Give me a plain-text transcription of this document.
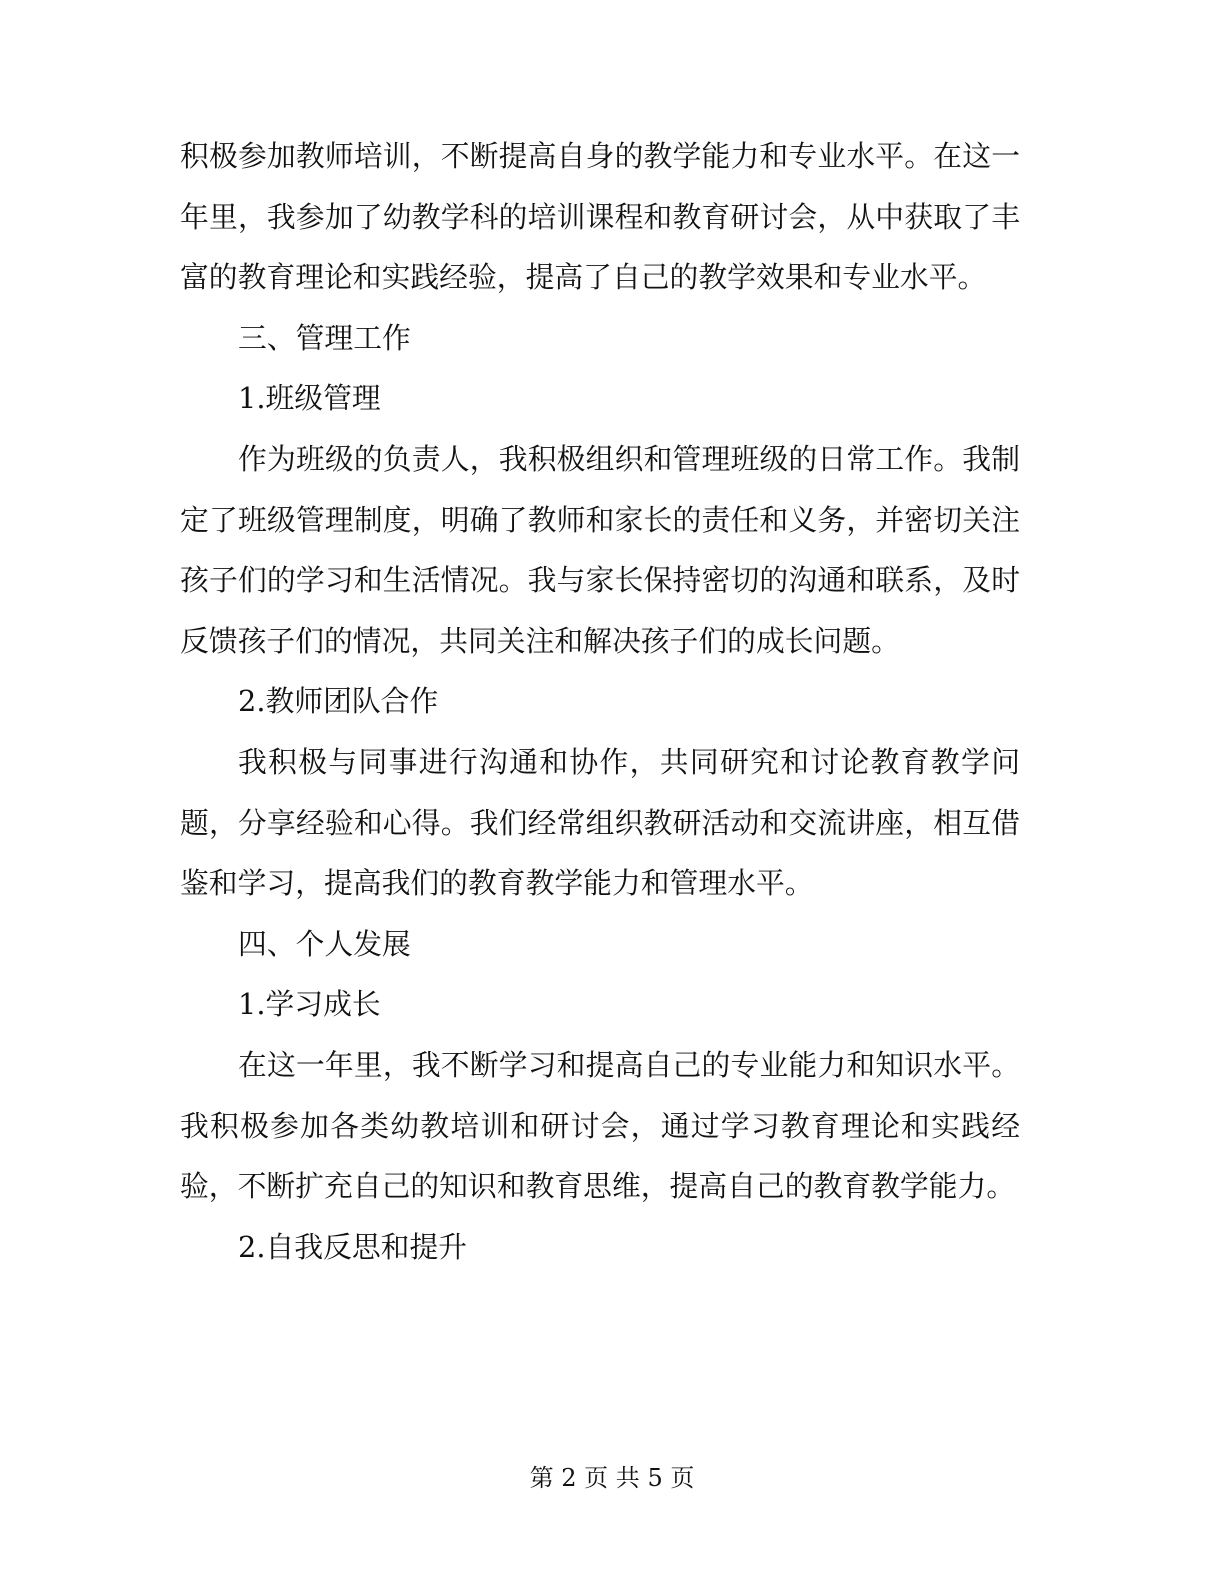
积极参加教师培训，不断提高自身的教学能力和专业水平。在这一年里，我参加了幼教学科的培训课程和教育研讨会，从中获取了丰富的教育理论和实践经验，提高了自己的教学效果和专业水平。

三、管理工作

1.班级管理

作为班级的负责人，我积极组织和管理班级的日常工作。我制定了班级管理制度，明确了教师和家长的责任和义务，并密切关注孩子们的学习和生活情况。我与家长保持密切的沟通和联系，及时反馈孩子们的情况，共同关注和解决孩子们的成长问题。

2.教师团队合作

我积极与同事进行沟通和协作，共同研究和讨论教育教学问题，分享经验和心得。我们经常组织教研活动和交流讲座，相互借鉴和学习，提高我们的教育教学能力和管理水平。

四、个人发展

1.学习成长

在这一年里，我不断学习和提高自己的专业能力和知识水平。我积极参加各类幼教培训和研讨会，通过学习教育理论和实践经验，不断扩充自己的知识和教育思维，提高自己的教育教学能力。

2.自我反思和提升

第 2 页 共 5 页
